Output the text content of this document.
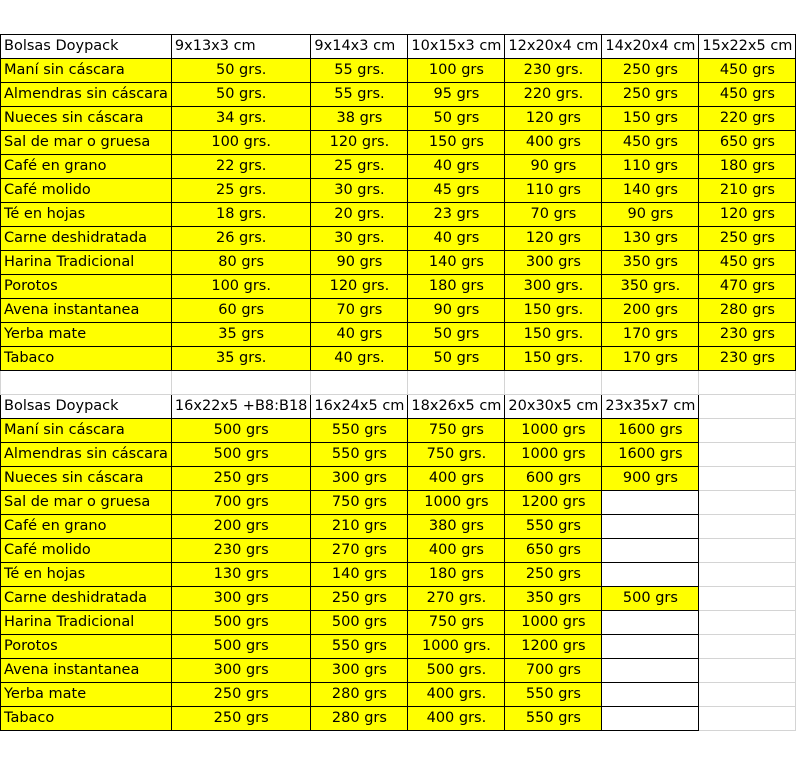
Bolsas Doypack	9x13x3 cm	9x14x3 cm	10x15x3 cm	12x20x4 cm	14x20x4 cm	15x22x5 cm
Maní sin cáscara	50 grs.	55 grs.	100 grs	230 grs.	250 grs	450 grs
Almendras sin cáscara	50 grs.	55 grs.	95 grs	220 grs.	250 grs	450 grs
Nueces sin cáscara	34 grs.	38 grs	50 grs	120 grs	150 grs	220 grs
Sal de mar o gruesa	100 grs.	120 grs.	150 grs	400 grs	450 grs	650 grs
Café en grano	22 grs.	25 grs.	40 grs	90 grs	110 grs	180 grs
Café molido	25 grs.	30 grs.	45 grs	110 grs	140 grs	210 grs
Té en hojas	18 grs.	20 grs.	23 grs	70 grs	90 grs	120 grs
Carne deshidratada	26 grs.	30 grs.	40 grs	120 grs	130 grs	250 grs
Harina Tradicional	80 grs	90 grs	140 grs	300 grs	350 grs	450 grs
Porotos	100 grs.	120 grs.	180 grs	300 grs.	350 grs.	470 grs
Avena instantanea	60 grs	70 grs	90 grs	150 grs.	200 grs	280 grs
Yerba mate	35 grs	40 grs	50 grs	150 grs.	170 grs	230 grs
Tabaco	35 grs.	40 grs.	50 grs	150 grs.	170 grs	230 grs

Bolsas Doypack	16x22x5 +B8:B18	16x24x5 cm	18x26x5 cm	20x30x5 cm	23x35x7 cm	
Maní sin cáscara	500 grs	550 grs	750 grs	1000 grs	1600 grs	
Almendras sin cáscara	500 grs	550 grs	750 grs.	1000 grs	1600 grs	
Nueces sin cáscara	250 grs	300 grs	400 grs	600 grs	900 grs	
Sal de mar o gruesa	700 grs	750 grs	1000 grs	1200 grs		
Café en grano	200 grs	210 grs	380 grs	550 grs		
Café molido	230 grs	270 grs	400 grs	650 grs		
Té en hojas	130 grs	140 grs	180 grs	250 grs		
Carne deshidratada	300 grs	250 grs	270 grs.	350 grs	500 grs	
Harina Tradicional	500 grs	500 grs	750 grs	1000 grs		
Porotos	500 grs	550 grs	1000 grs.	1200 grs		
Avena instantanea	300 grs	300 grs	500 grs.	700 grs		
Yerba mate	250 grs	280 grs	400 grs.	550 grs		
Tabaco	250 grs	280 grs	400 grs.	550 grs		
